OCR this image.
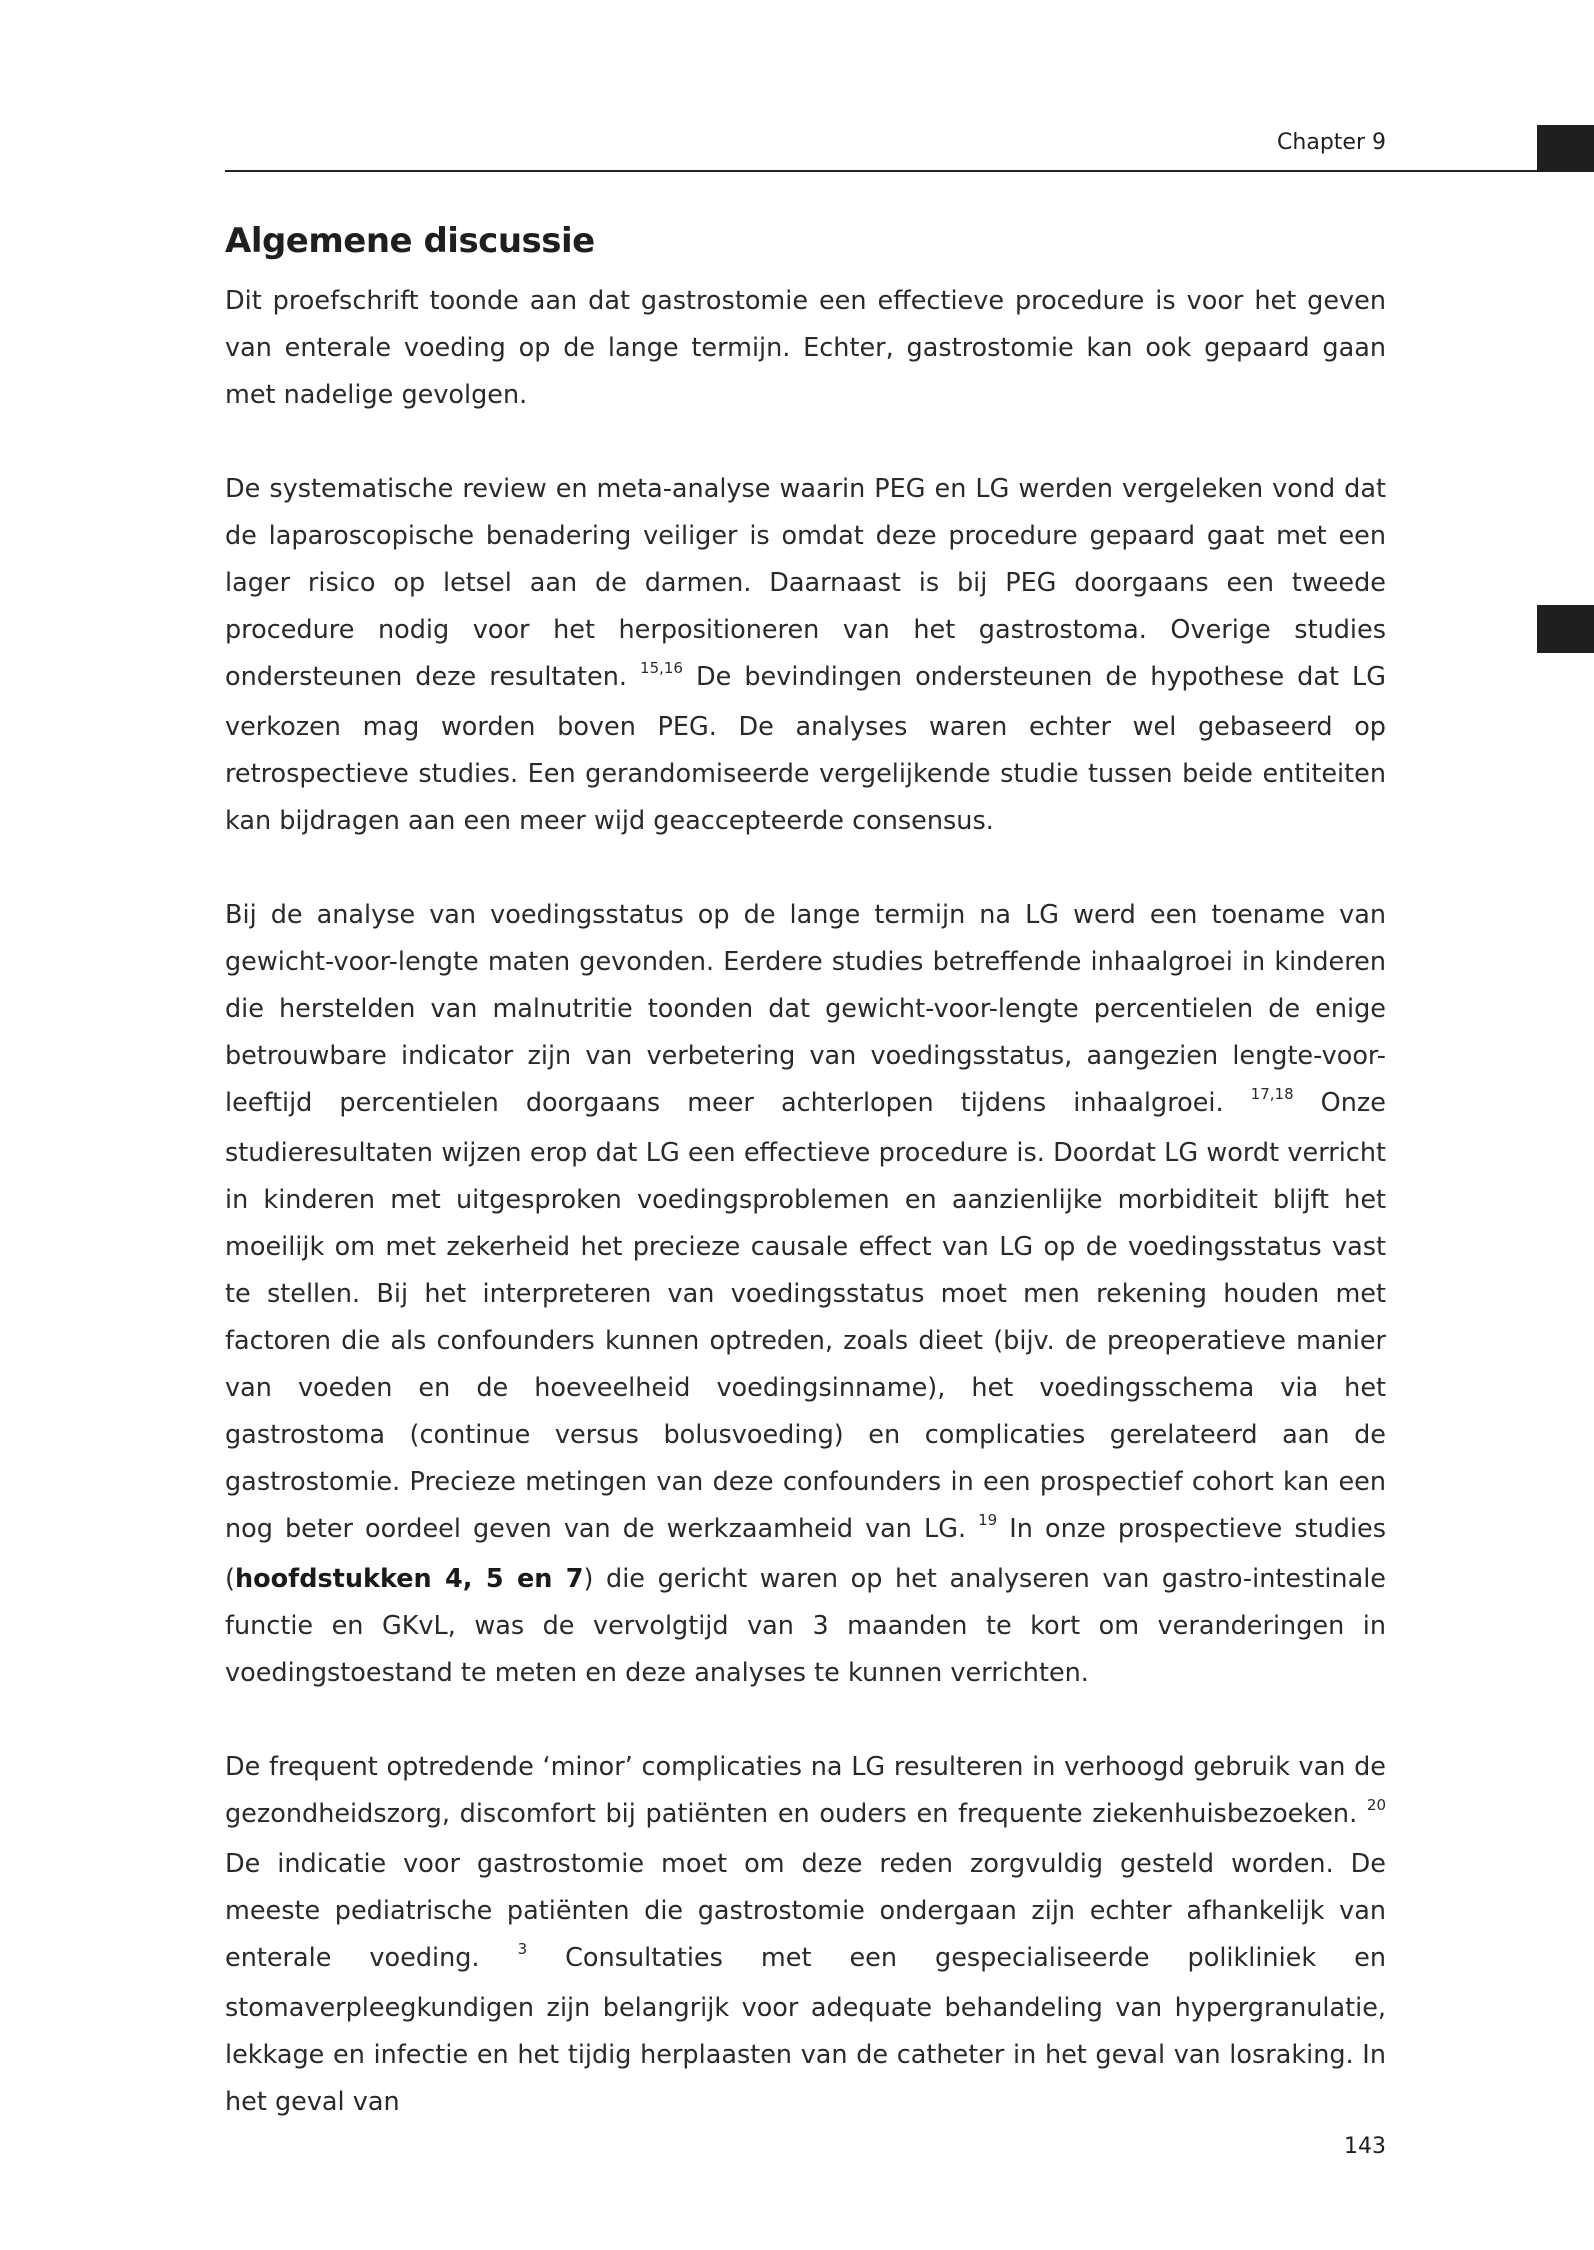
Chapter 9
Algemene discussie

Dit proefschrift toonde aan dat gastrostomie een effectieve procedure is voor het geven van enterale voeding op de lange termijn. Echter, gastrostomie kan ook gepaard gaan met nadelige gevolgen.

De systematische review en meta-analyse waarin PEG en LG werden vergeleken vond dat de laparoscopische benadering veiliger is omdat deze procedure gepaard gaat met een lager risico op letsel aan de darmen. Daarnaast is bij PEG doorgaans een tweede procedure nodig voor het herpositioneren van het gastrostoma. Overige studies ondersteunen deze resultaten. $^{15,16}$ De bevindingen ondersteunen de hypothese dat LG verkozen mag worden boven PEG. De analyses waren echter wel gebaseerd op retrospectieve studies. Een gerandomiseerde vergelijkende studie tussen beide entiteiten kan bijdragen aan een meer wijd geaccepteerde consensus.

Bij de analyse van voedingsstatus op de lange termijn na LG werd een toename van gewicht-voor-lengte maten gevonden. Eerdere studies betreffende inhaalgroei in kinderen die herstelden van malnutritie toonden dat gewicht-voor-lengte percentielen de enige betrouwbare indicator zijn van verbetering van voedingsstatus, aangezien lengte-voor-leeftijd percentielen doorgaans meer achterlopen tijdens inhaalgroei. $^{17,18}$ Onze studieresultaten wijzen erop dat LG een effectieve procedure is. Doordat LG wordt verricht in kinderen met uitgesproken voedingsproblemen en aanzienlijke morbiditeit blijft het moeilijk om met zekerheid het precieze causale effect van LG op de voedingsstatus vast te stellen. Bij het interpreteren van voedingsstatus moet men rekening houden met factoren die als confounders kunnen optreden, zoals dieet (bijv. de preoperatieve manier van voeden en de hoeveelheid voedingsinname), het voedingsschema via het gastrostoma (continue versus bolusvoeding) en complicaties gerelateerd aan de gastrostomie. Precieze metingen van deze confounders in een prospectief cohort kan een nog beter oordeel geven van de werkzaamheid van LG. $^{19}$ In onze prospectieve studies (hoofdstukken 4, 5 en 7) die gericht waren op het analyseren van gastro-intestinale functie en GKvL, was de vervolgtijd van 3 maanden te kort om veranderingen in voedingstoestand te meten en deze analyses te kunnen verrichten.

De frequent optredende ‘minor’ complicaties na LG resulteren in verhoogd gebruik van de gezondheidszorg, discomfort bij patiënten en ouders en frequente ziekenhuisbezoeken. $^{20}$ De indicatie voor gastrostomie moet om deze reden zorgvuldig gesteld worden. De meeste pediatrische patiënten die gastrostomie ondergaan zijn echter afhankelijk van enterale voeding.	$^3$ Consultaties met een gespecialiseerde polikliniek en stomaverpleegkundigen zijn belangrijk voor adequate behandeling van hypergranulatie, lekkage en infectie en het tijdig herplaasten van de catheter in het geval van losraking. In het geval van

143
